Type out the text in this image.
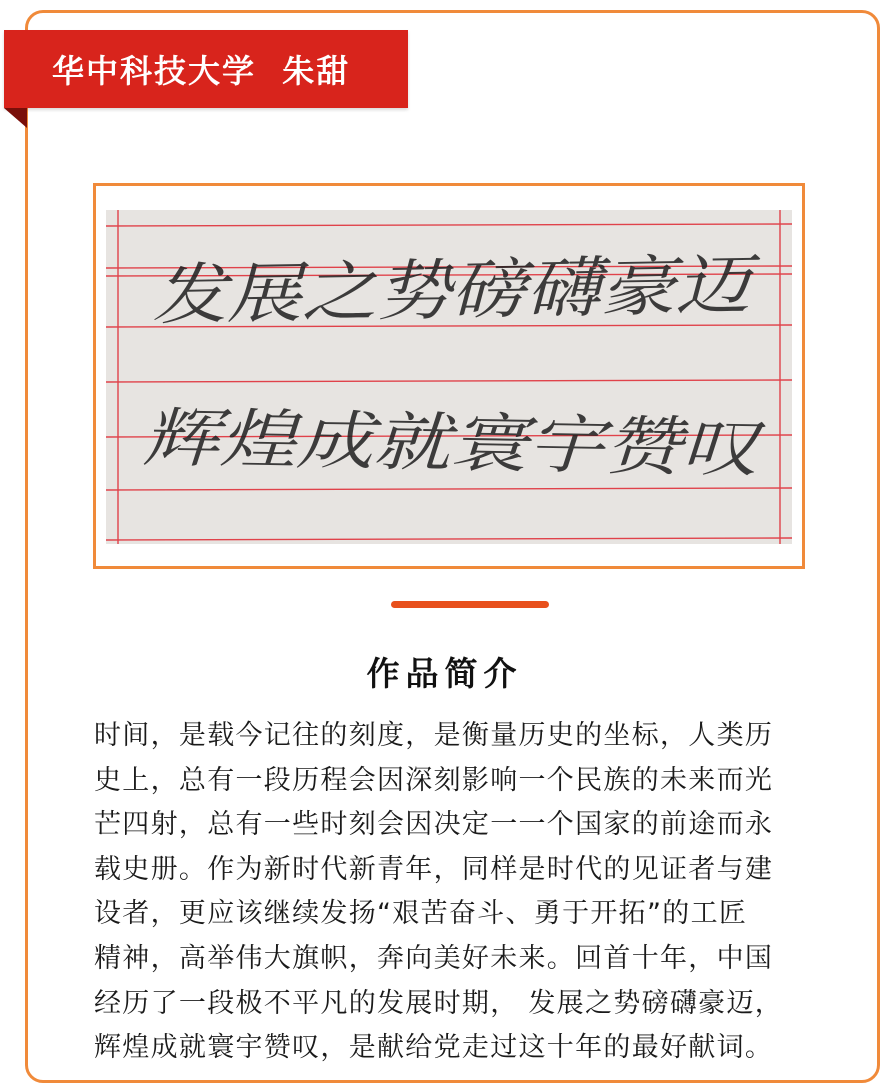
华中科技大学  朱甜
发展之势磅礴豪迈
辉煌成就寰宇赞叹
作品简介

时间，是载今记往的刻度，是衡量历史的坐标，人类历
史上，总有一段历程会因深刻影响一个民族的未来而光
芒四射，总有一些时刻会因决定一一个国家的前途而永
载史册。作为新时代新青年，同样是时代的见证者与建
设者，更应该继续发扬“艰苦奋斗、勇于开拓”的工匠
精神，高举伟大旗帜，奔向美好未来。回首十年，中国
经历了一段极不平凡的发展时期， 发展之势磅礴豪迈，
辉煌成就寰宇赞叹，是献给党走过这十年的最好献词。
